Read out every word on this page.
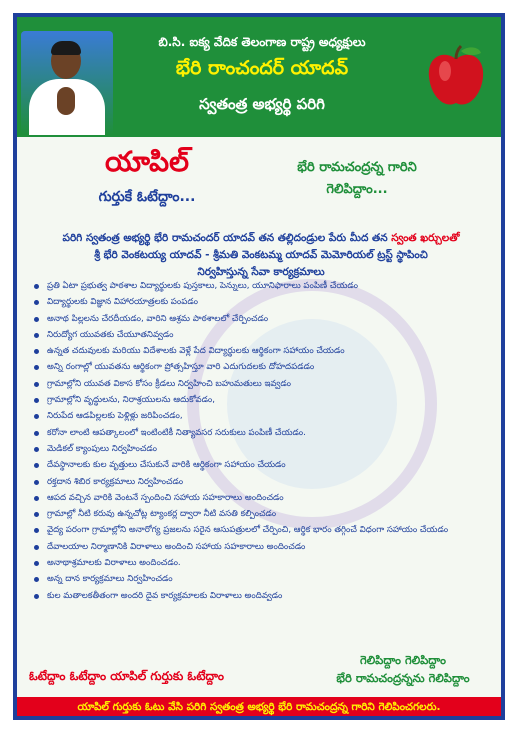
బి.సి. ఐక్య వేదిక తెలంగాణ రాష్ట్ర అధ్యక్షులు
భేరి రాంచందర్ యాదవ్
స్వతంత్ర అభ్యర్థి పరిగి
యాపిల్
గుర్తుకే ఓటేద్దాం...
భేరి రామచంద్రన్న గారిని
గెలిపిద్దాం...
పరిగి స్వతంత్ర అభ్యర్థి భేరి రామచందర్ యాదవ్ తన తల్లిదండ్రుల పేరు మీద తన స్వంత ఖర్చులతో
శ్రీ భేరి వెంకటయ్య యాదవ్ - శ్రీమతి వెంకటమ్మ యాదవ్ మెమోరియల్ ట్రస్ట్ స్థాపించి
నిర్వహిస్తున్న సేవా కార్యక్రమాలు
ప్రతి ఏటా ప్రభుత్వ పాఠశాల విద్యార్థులకు పుస్తకాలు, పెన్నులు, యూనిఫారాలు పంపిణీ చేయడం
విద్యార్థులకు విజ్ఞాన విహారయాత్రలకు పంపడం
అనాథ పిల్లలను చేరదీయడం, వారిని ఆశ్రమ పాఠశాలలో చేర్పించడం
నిరుద్యోగ యువతకు చేయూతనివ్వడం
ఉన్నత చదువులకు మరియు విదేశాలకు వెళ్లే పేద విద్యార్థులకు ఆర్థికంగా సహాయం చేయడం
అన్ని రంగాల్లో యువతను ఆర్థికంగా ప్రోత్సహిస్తూ వారి ఎదుగుదలకు దోహదపడడం
గ్రామాల్లోని యువత వికాస కోసం క్రీడలు నిర్వహించి బహుమతులు ఇవ్వడం
గ్రామాల్లోని వృద్ధులను, నిరాశ్రయులను ఆదుకోవడం,
నిరుపేద ఆడపిల్లలకు పెళ్లిళ్లు జరిపించడం,
కరోనా లాంటి ఆపత్కాలంలో ఇంటింటికీ నిత్యావసర సరుకులు పంపిణీ చేయడం.
మెడికల్ క్యాంపులు నిర్వహించడం
దేవస్థానాలకు కుల వృత్తులు చేసుకునే వారికి ఆర్థికంగా సహాయం చేయడం
రక్తదాన శిబిర కార్యక్రమాలు నిర్వహించడం
ఆపద వచ్చిన వారికి వెంటనే స్పందించి సహాయ సహకారాలు అందించడం
గ్రామాల్లో నీటి కరువు ఉన్నచోట్ల ట్యాంకర్ల ద్వారా నీటి వసతి కల్పించడం
వైద్య పరంగా గ్రామాల్లోని అనారోగ్య ప్రజలను సరైన ఆసుపత్రులలో చేర్పించి, ఆర్థిక భారం తగ్గించే విధంగా సహాయం చేయడం
దేవాలయాల నిర్మాణానికి విరాళాలు అందించి సహాయ సహకారాలు అందించడం
అనాథాశ్రమాలకు విరాళాలు అందించడం.
అన్న దాన కార్యక్రమాలు నిర్వహించడం
కుల మతాలకతీతంగా అందరి దైవ కార్యక్రమాలకు విరాళాలు అందివ్వడం
ఓటేద్దాం ఓటేద్దాం యాపిల్ గుర్తుకు ఓటేద్దాం
గెలిపిద్దాం గెలిపిద్దాం
భేరి రామచంద్రన్నను గెలిపిద్దాం
యాపిల్ గుర్తుకు ఓటు వేసి పరిగి స్వతంత్ర అభ్యర్థి భేరి రామచంద్రన్న గారిని గెలిపించగలరు.
